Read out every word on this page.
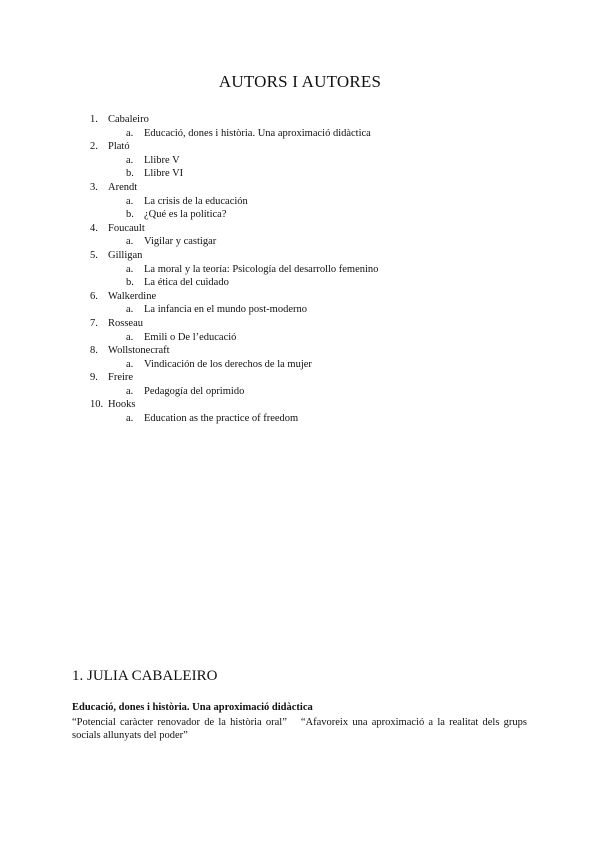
AUTORS I AUTORES
1. Cabaleiro
a. Educació, dones i història. Una aproximació didàctica
2. Plató
a. Llibre V
b. Llibre VI
3. Arendt
a. La crisis de la educación
b. ¿Qué es la política?
4. Foucault
a. Vigilar y castigar
5. Gilligan
a. La moral y la teoría: Psicología del desarrollo femenino
b. La ética del cuidado
6. Walkerdine
a. La infancia en el mundo post-moderno
7. Rosseau
a. Emili o De l’educació
8. Wollstonecraft
a. Vindicación de los derechos de la mujer
9. Freire
a. Pedagogía del oprimido
10. Hooks
a. Education as the practice of freedom
1. JULIA CABALEIRO
Educació, dones i història. Una aproximació didàctica
“Potencial caràcter renovador de la història oral” “Afavoreix una aproximació a la realitat dels grups socials allunyats del poder”
